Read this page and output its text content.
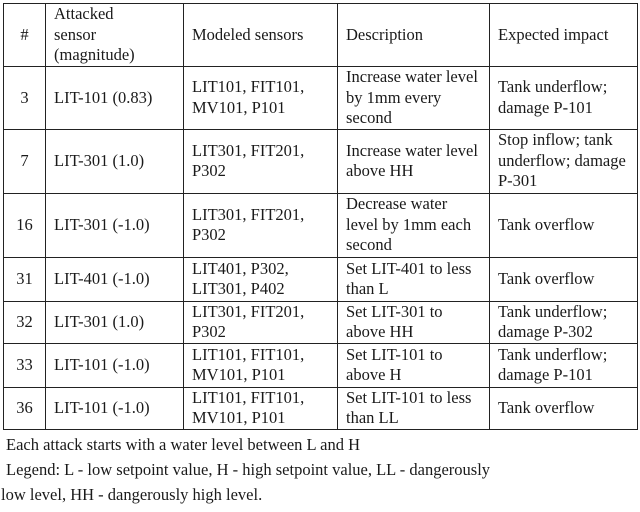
#	Attacked sensor (magnitude)	Modeled sensors	Description	Expected impact
3	LIT-101 (0.83)	LIT101, FIT101, MV101, P101	Increase water level by 1mm every second	Tank underflow; damage P-101
7	LIT-301 (1.0)	LIT301, FIT201, P302	Increase water level above HH	Stop inflow; tank underflow; damage P-301
16	LIT-301 (-1.0)	LIT301, FIT201, P302	Decrease water level by 1mm each second	Tank overflow
31	LIT-401 (-1.0)	LIT401, P302, LIT301, P402	Set LIT-401 to less than L	Tank overflow
32	LIT-301 (1.0)	LIT301, FIT201, P302	Set LIT-301 to above HH	Tank underflow; damage P-302
33	LIT-101 (-1.0)	LIT101, FIT101, MV101, P101	Set LIT-101 to above H	Tank underflow; damage P-101
36	LIT-101 (-1.0)	LIT101, FIT101, MV101, P101	Set LIT-101 to less than LL	Tank overflow
Each attack starts with a water level between L and H
Legend: L - low setpoint value, H - high setpoint value, LL - dangerously
low level, HH - dangerously high level.
